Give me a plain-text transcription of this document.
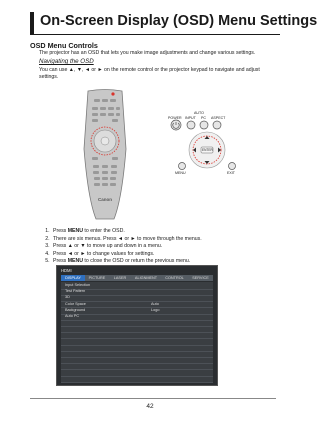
On-Screen Display (OSD) Menu Settings
OSD Menu Controls
The projector has an OSD that lets you make image adjustments and change various settings.
Navigating the OSD
You can use ▲, ▼, ◄ or ► on the remote control or the projector keypad to navigate and adjust
settings.
Canon
AUTO
POWER INPUT PC ASPECT
ENTER
MENU	EXIT
1. Press MENU to enter the OSD.
2. There are six menus. Press ◄ or ► to move through the menus.
3. Press ▲ or ▼ to move up and down in a menu.
4. Press ◄ or ► to change values for settings.
5. Press MENU to close the OSD or return the previous menu.
HDMI
DISPLAY	PICTURE	LASER	ALIGNMENT	CONTROL	SERVICE
Input Selection
Test Pattern
3D
Color Space	Auto
Background	Logo
Auto PC
42
